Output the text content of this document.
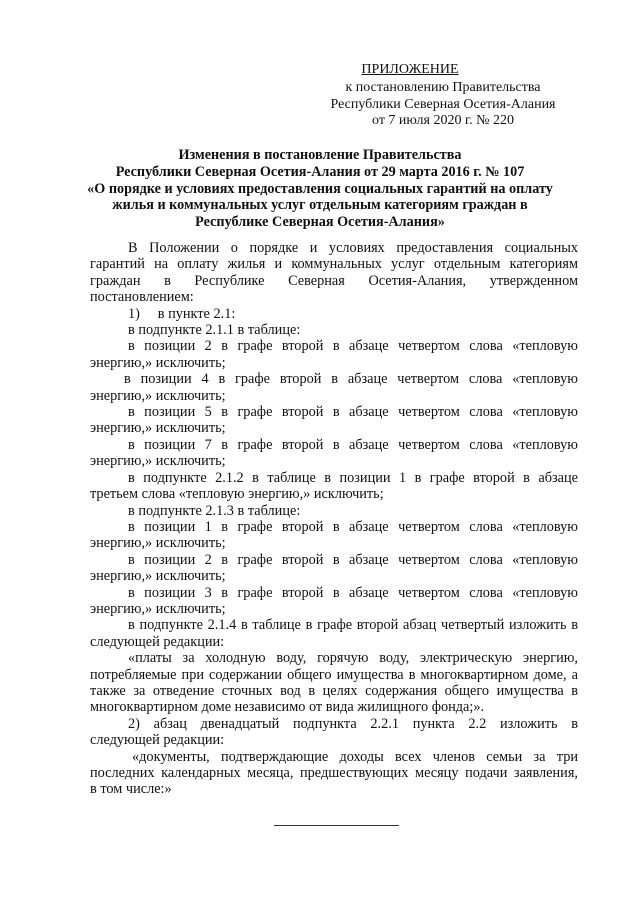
ПРИЛОЖЕНИЕ
к постановлению Правительства
Республики Северная Осетия-Алания
от 7 июля 2020 г. № 220
Изменения в постановление Правительства
Республики Северная Осетия-Алания от 29 марта 2016 г. № 107
«О порядке и условиях предоставления социальных гарантий на оплату
жилья и коммунальных услуг отдельным категориям граждан в
Республике Северная Осетия-Алания»
В Положении о порядке и условиях предоставления социальных
гарантий на оплату жилья и коммунальных услуг отдельным категориям
граждан в Республике Северная Осетия-Алания, утвержденном
постановлением:
1)     в пункте 2.1:
в подпункте 2.1.1 в таблице:
в позиции 2 в графе второй в абзаце четвертом слова «тепловую
энергию,» исключить;
в позиции 4 в графе второй в абзаце четвертом слова «тепловую
энергию,» исключить;
в позиции 5 в графе второй в абзаце четвертом слова «тепловую
энергию,» исключить;
в позиции 7 в графе второй в абзаце четвертом слова «тепловую
энергию,» исключить;
в подпункте 2.1.2 в таблице в позиции 1 в графе второй в абзаце
третьем слова «тепловую энергию,» исключить;
в подпункте 2.1.3 в таблице:
в позиции 1 в графе второй в абзаце четвертом слова «тепловую
энергию,» исключить;
в позиции 2 в графе второй в абзаце четвертом слова «тепловую
энергию,» исключить;
в позиции 3 в графе второй в абзаце четвертом слова «тепловую
энергию,» исключить;
в подпункте 2.1.4 в таблице в графе второй абзац четвертый изложить в
следующей редакции:
«платы за холодную воду, горячую воду, электрическую энергию,
потребляемые при содержании общего имущества в многоквартирном доме, а
также за отведение сточных вод в целях содержания общего имущества в
многоквартирном доме независимо от вида жилищного фонда;».
2) абзац двенадцатый подпункта 2.2.1 пункта 2.2 изложить в
следующей редакции:
«документы, подтверждающие доходы всех членов семьи за три
последних календарных месяца, предшествующих месяцу подачи заявления,
в том числе:»
